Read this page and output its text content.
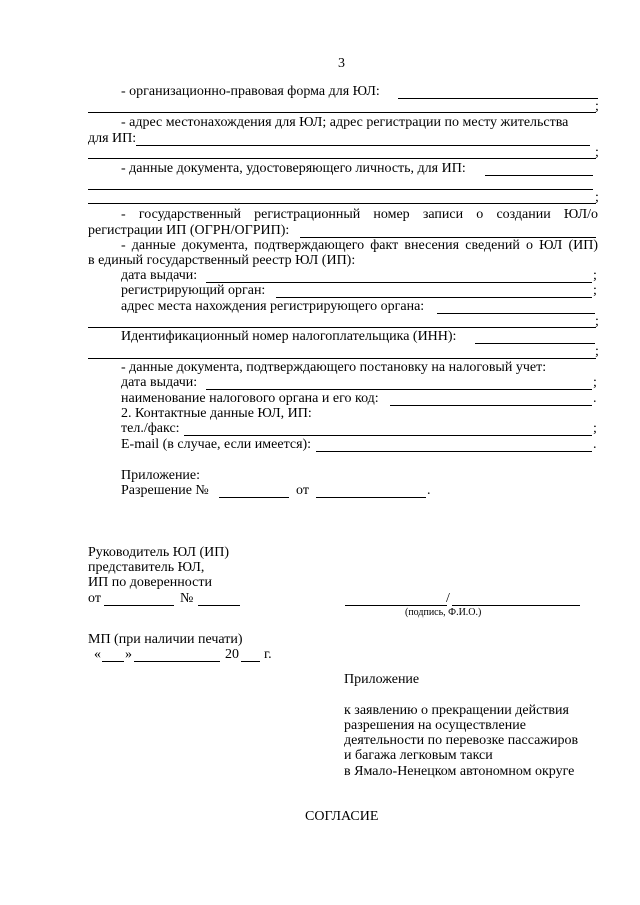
3
- организационно-правовая форма для ЮЛ:
;
- адрес местонахождения для ЮЛ; адрес регистрации по месту жительства
для ИП:
;
- данные документа, удостоверяющего личность, для ИП:
;
- государственный регистрационный номер записи о создании ЮЛ/о
регистрации ИП (ОГРН/ОГРИП):
- данные документа, подтверждающего факт внесения сведений о ЮЛ (ИП)
в единый государственный реестр ЮЛ (ИП):
дата выдачи:	;
регистрирующий орган:	;
адрес места нахождения регистрирующего органа:
;
Идентификационный номер налогоплательщика (ИНН):
;
- данные документа, подтверждающего постановку на налоговый учет:
дата выдачи:	;
наименование налогового органа и его код:	.
2. Контактные данные ЮЛ, ИП:
тел./факс:	;
E-mail (в случае, если имеется):	.
Приложение:
Разрешение №	от	.
Руководитель ЮЛ (ИП)
представитель ЮЛ,
ИП по доверенности
от	№	/
(подпись, Ф.И.О.)
МП (при наличии печати)
« »	20 г.
Приложение
к заявлению о прекращении действия
разрешения на осуществление
деятельности по перевозке пассажиров
и багажа легковым такси
в Ямало-Ненецком автономном округе
СОГЛАСИЕ
